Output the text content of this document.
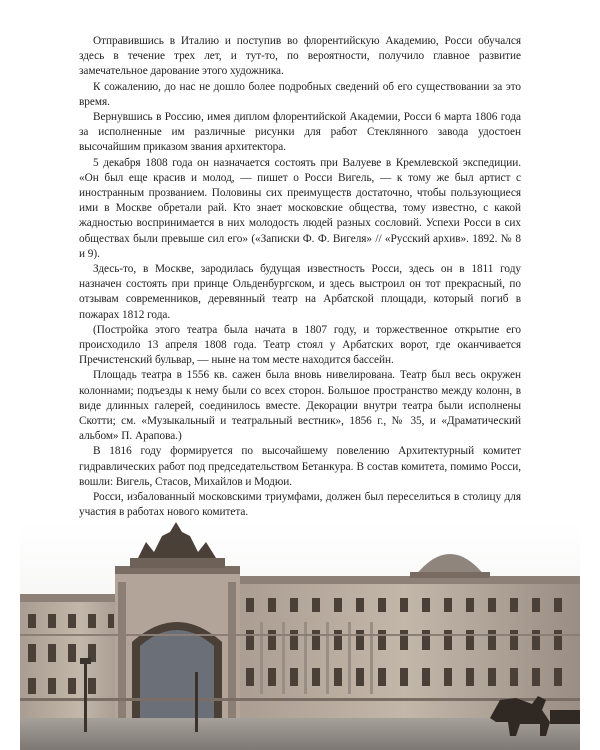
Отправившись в Италию и поступив во флорентийскую Академию, Росси обучался здесь в течение трех лет, и тут-то, по вероятности, получило главное развитие замечательное дарование этого художника.

К сожалению, до нас не дошло более подробных сведений об его существовании за это время.

Вернувшись в Россию, имея диплом флорентийской Академии, Росси 6 марта 1806 года за исполненные им различные рисунки для работ Стеклянного завода удостоен высочайшим приказом звания архитектора.

5 декабря 1808 года он назначается состоять при Валуеве в Кремлевской экспедиции. «Он был еще красив и молод, — пишет о Росси Вигель, — к тому же был артист с иностранным прозванием. Половины сих преимуществ достаточно, чтобы пользующиеся ими в Москве обретали рай. Кто знает московские общества, тому известно, с какой жадностью воспринимается в них молодость людей разных сословий. Успехи Росси в сих обществах были превыше сил его» («Записки Ф. Ф. Вигеля» // «Русский архив». 1892. № 8 и 9).

Здесь-то, в Москве, зародилась будущая известность Росси, здесь он в 1811 году назначен состоять при принце Ольденбургском, и здесь выстроил он тот прекрасный, по отзывам современников, деревянный театр на Арбатской площади, который погиб в пожарах 1812 года.

(Постройка этого театра была начата в 1807 году, и торжественное открытие его происходило 13 апреля 1808 года. Театр стоял у Арбатских ворот, где оканчивается Пречистенский бульвар, — ныне на том месте находится бассейн.

Площадь театра в 1556 кв. сажен была вновь нивелирована. Театр был весь окружен колоннами; подъезды к нему были со всех сторон. Большое пространство между колонн, в виде длинных галерей, соединилось вместе. Декорации внутри театра были исполнены Скотти; см. «Музыкальный и театральный вестник», 1856 г., № 35, и «Драматический альбом» П. Арапова.)

В 1816 году формируется по высочайшему повелению Архитектурный комитет гидравлических работ под председательством Бетанкура. В состав комитета, помимо Росси, вошли: Вигель, Стасов, Михайлов и Модюи.

Росси, избалованный московскими триумфами, должен был переселиться в столицу для участия в работах нового комитета.
